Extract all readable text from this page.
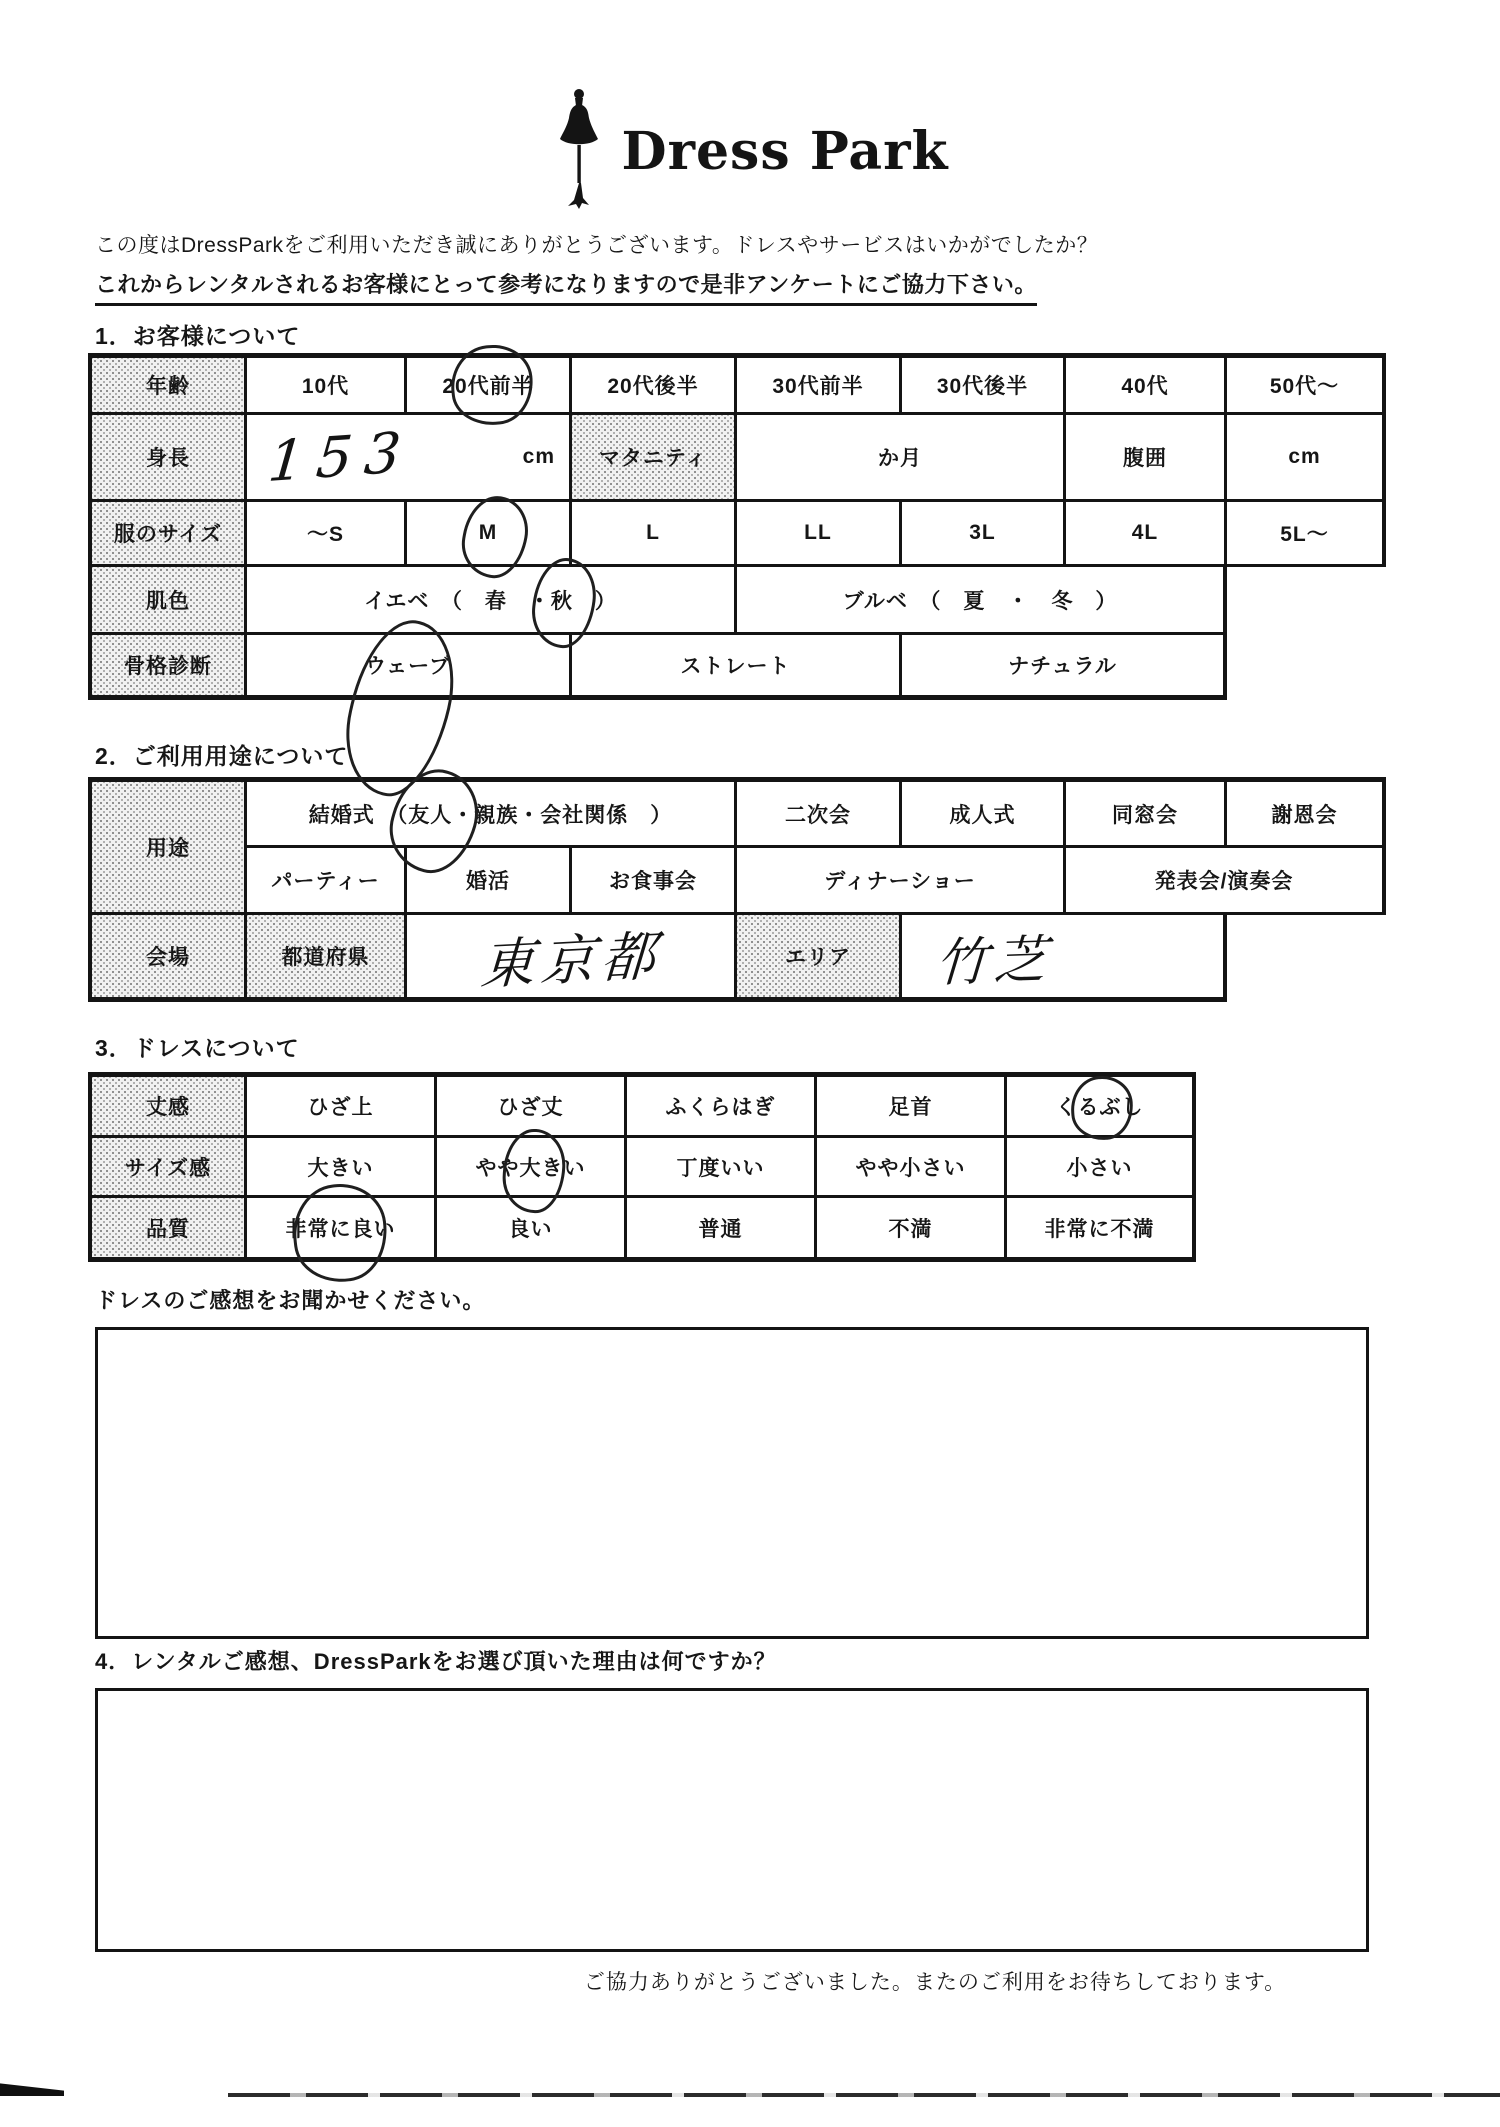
Dress Park

この度はDressParkをご利用いただき誠にありがとうございます。ドレスやサービスはいかがでしたか？

これからレンタルされるお客様にとって参考になりますので是非アンケートにご協力下さい。

1．お客様について
年齢	10代	20代前半	20代後半	30代前半	30代後半	40代	50代～
身長	153	cm	マタニティ	か月	腹囲	cm
服のサイズ	～S	M	L	LL	3L	4L	5L～
肌色	イエベ　（　春　・ 秋 　）	ブルベ　（　夏　・　冬　）
骨格診断	ウェーブ	ストレート	ナチュラル
2．ご利用用途について
用途
結婚式　（ 友人 ・親族・会社関係　）	二次会	成人式	同窓会	謝恩会
パーティー	婚活	お食事会	ディナーショー	発表会/演奏会
会場	都道府県	東京都	エリア	竹芝
3．ドレスについて
丈感	ひざ上	ひざ丈	ふくらはぎ	足首	くるぶし
サイズ感	大きい	やや大きい	丁度いい	やや小さい	小さい
品質	非常に良い	良い	普通	不満	非常に不満

ドレスのご感想をお聞かせください。

4．レンタルご感想、DressParkをお選び頂いた理由は何ですか？

ご協力ありがとうございました。またのご利用をお待ちしております。
